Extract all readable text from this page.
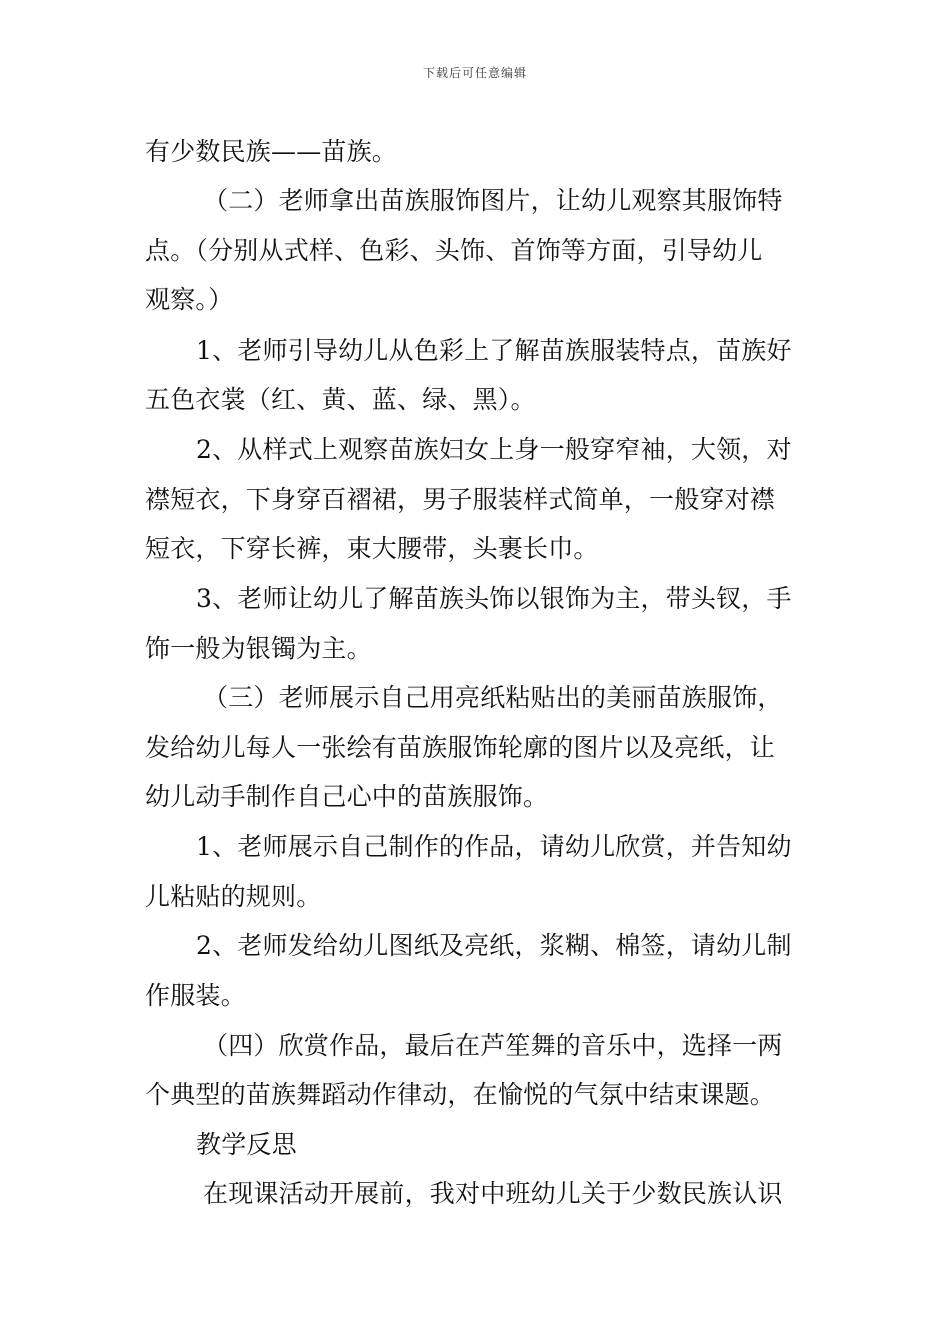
下载后可任意编辑
有少数民族——苗族。
（二）老师拿出苗族服饰图片，让幼儿观察其服饰特
点。（分别从式样、色彩、头饰、首饰等方面，引导幼儿
观察。）
1、老师引导幼儿从色彩上了解苗族服装特点，苗族好
五色衣裳（红、黄、蓝、绿、黑）。
2、从样式上观察苗族妇女上身一般穿窄袖，大领，对
襟短衣，下身穿百褶裙，男子服装样式简单，一般穿对襟
短衣，下穿长裤，束大腰带，头裹长巾。
3、老师让幼儿了解苗族头饰以银饰为主，带头钗，手
饰一般为银镯为主。
（三）老师展示自己用亮纸粘贴出的美丽苗族服饰，
发给幼儿每人一张绘有苗族服饰轮廓的图片以及亮纸，让
幼儿动手制作自己心中的苗族服饰。
1、老师展示自己制作的作品，请幼儿欣赏，并告知幼
儿粘贴的规则。
2、老师发给幼儿图纸及亮纸，浆糊、棉签，请幼儿制
作服装。
（四）欣赏作品，最后在芦笙舞的音乐中，选择一两
个典型的苗族舞蹈动作律动，在愉悦的气氛中结束课题。
教学反思
在现课活动开展前，我对中班幼儿关于少数民族认识
